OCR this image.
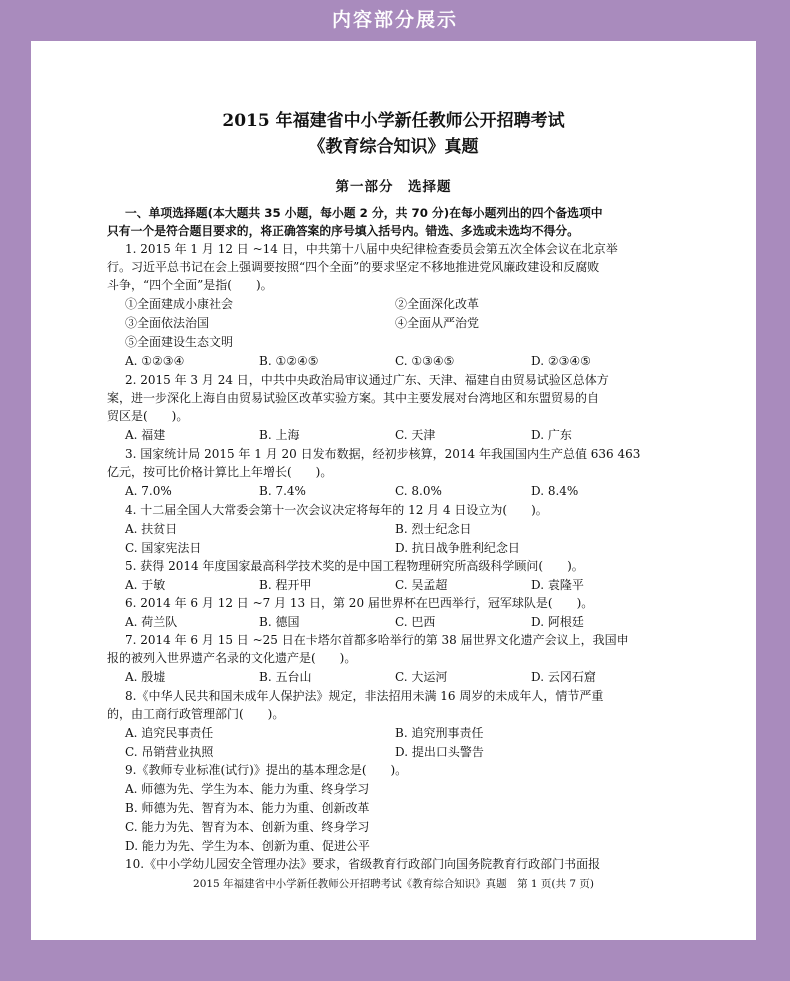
内容部分展示
2015 年福建省中小学新任教师公开招聘考试
《教育综合知识》真题
第一部分　选择题
一、单项选择题(本大题共 35 小题，每小题 2 分，共 70 分)在每小题列出的四个备选项中
只有一个是符合题目要求的，将正确答案的序号填入括号内。错选、多选或未选均不得分。
1. 2015 年 1 月 12 日 ~14 日，中共第十八届中央纪律检查委员会第五次全体会议在北京举
行。习近平总书记在会上强调要按照“四个全面”的要求坚定不移地推进党风廉政建设和反腐败
斗争，“四个全面”是指(　　)。
①全面建成小康社会	②全面深化改革
③全面依法治国	④全面从严治党
⑤全面建设生态文明
A. ①②③④	B. ①②④⑤	C. ①③④⑤	D. ②③④⑤
2. 2015 年 3 月 24 日，中共中央政治局审议通过广东、天津、福建自由贸易试验区总体方
案，进一步深化上海自由贸易试验区改革实验方案。其中主要发展对台湾地区和东盟贸易的自
贸区是(　　)。
A. 福建	B. 上海	C. 天津	D. 广东
3. 国家统计局 2015 年 1 月 20 日发布数据，经初步核算，2014 年我国国内生产总值 636 463
亿元，按可比价格计算比上年增长(　　)。
A. 7.0%	B. 7.4%	C. 8.0%	D. 8.4%
4. 十二届全国人大常委会第十一次会议决定将每年的 12 月 4 日设立为(　　)。
A. 扶贫日	B. 烈士纪念日
C. 国家宪法日	D. 抗日战争胜利纪念日
5. 获得 2014 年度国家最高科学技术奖的是中国工程物理研究所高级科学顾问(　　)。
A. 于敏	B. 程开甲	C. 吴孟超	D. 袁隆平
6. 2014 年 6 月 12 日 ~7 月 13 日，第 20 届世界杯在巴西举行，冠军球队是(　　)。
A. 荷兰队	B. 德国	C. 巴西	D. 阿根廷
7. 2014 年 6 月 15 日 ~25 日在卡塔尔首都多哈举行的第 38 届世界文化遗产会议上，我国申
报的被列入世界遗产名录的文化遗产是(　　)。
A. 殷墟	B. 五台山	C. 大运河	D. 云冈石窟
8.《中华人民共和国未成年人保护法》规定，非法招用未满 16 周岁的未成年人，情节严重
的，由工商行政管理部门(　　)。
A. 追究民事责任	B. 追究刑事责任
C. 吊销营业执照	D. 提出口头警告
9.《教师专业标准(试行)》提出的基本理念是(　　)。
A. 师德为先、学生为本、能力为重、终身学习
B. 师德为先、智育为本、能力为重、创新改革
C. 能力为先、智育为本、创新为重、终身学习
D. 能力为先、学生为本、创新为重、促进公平
10.《中小学幼儿园安全管理办法》要求，省级教育行政部门向国务院教育行政部门书面报
2015 年福建省中小学新任教师公开招聘考试《教育综合知识》真题　第 1 页(共 7 页)
